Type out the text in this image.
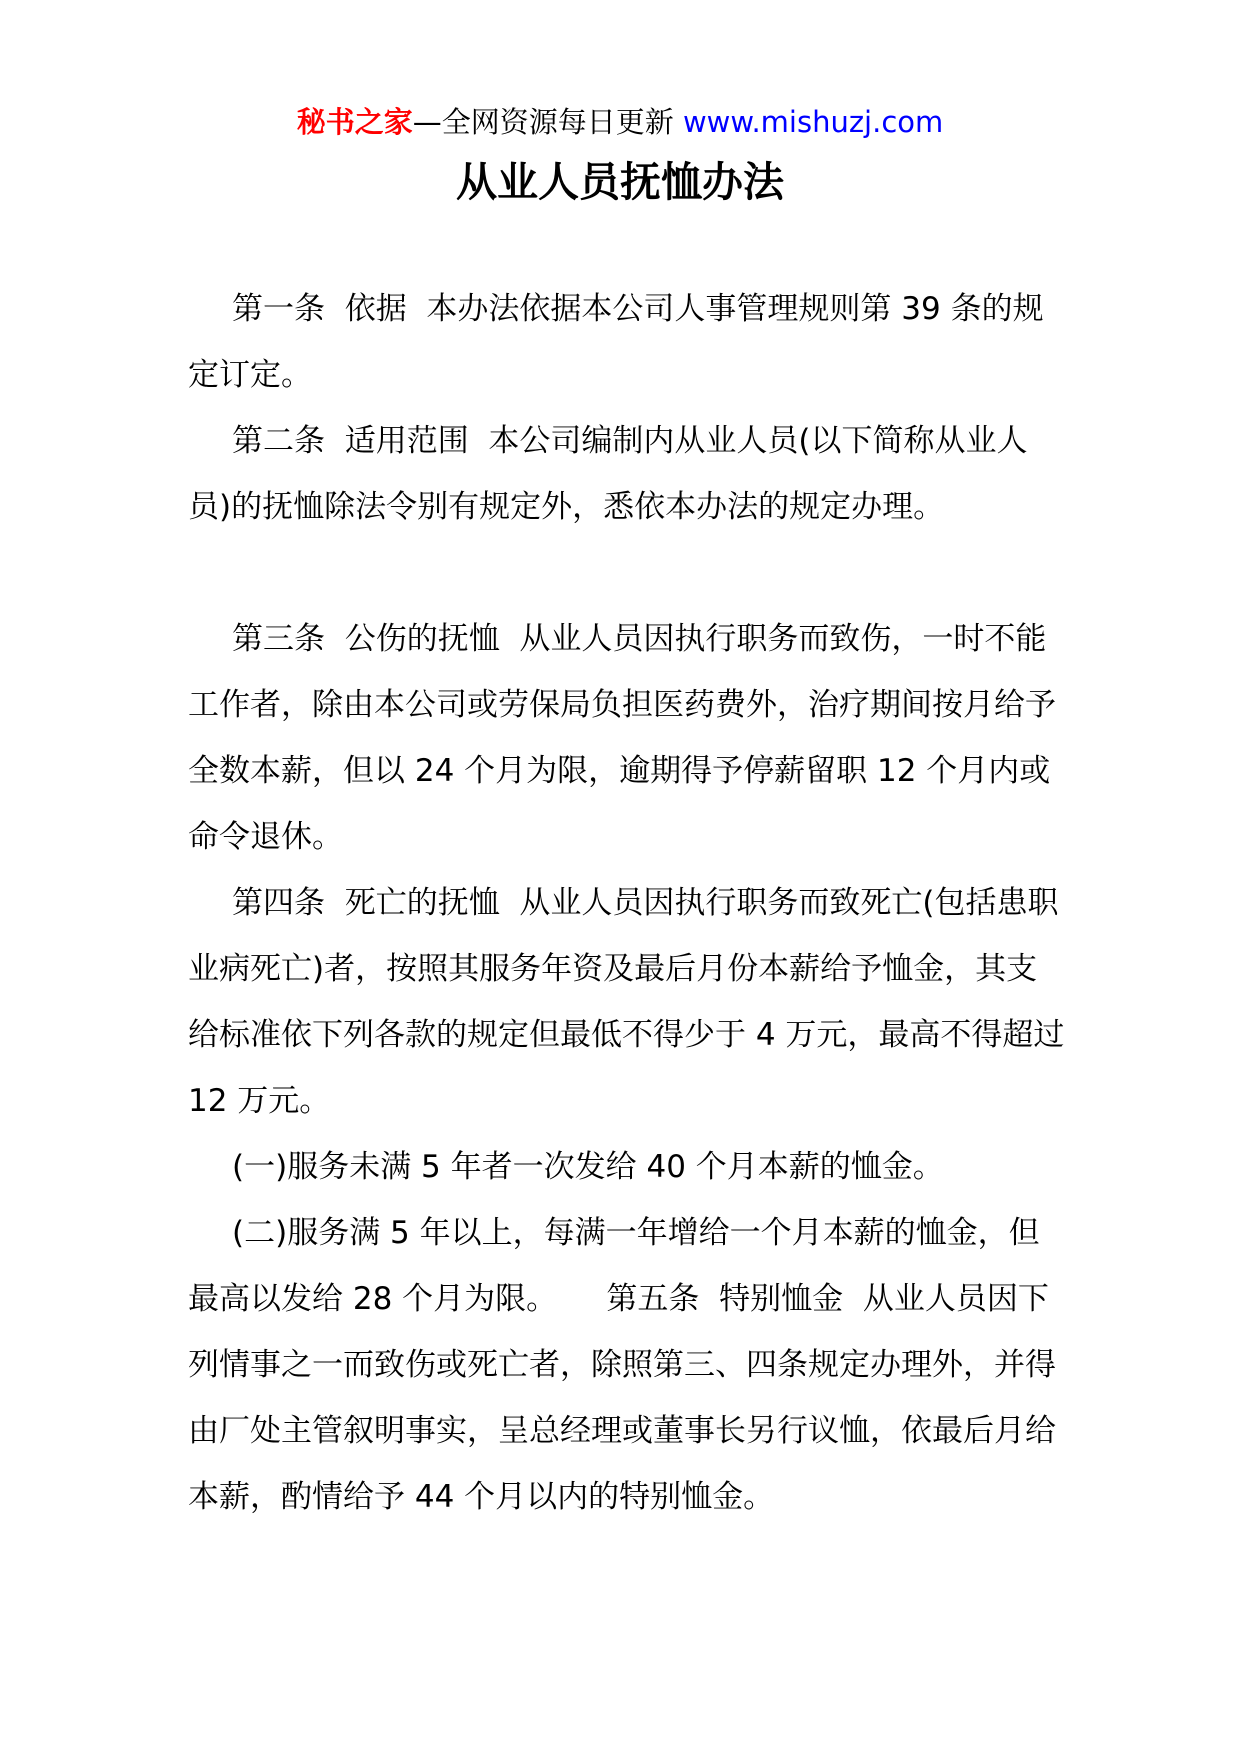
秘书之家—全网资源每日更新 www.mishuzj.com
从业人员抚恤办法

第一条  依据  本办法依据本公司人事管理规则第 39 条的规定订定。

第二条  适用范围  本公司编制内从业人员(以下简称从业人员)的抚恤除法令别有规定外，悉依本办法的规定办理。

第三条  公伤的抚恤  从业人员因执行职务而致伤，一时不能工作者，除由本公司或劳保局负担医药费外，治疗期间按月给予全数本薪，但以 24 个月为限，逾期得予停薪留职 12 个月内或命令退休。

第四条  死亡的抚恤  从业人员因执行职务而致死亡(包括患职业病死亡)者，按照其服务年资及最后月份本薪给予恤金，其支给标准依下列各款的规定但最低不得少于 4 万元，最高不得超过 12 万元。

(一)服务未满 5 年者一次发给 40 个月本薪的恤金。

(二)服务满 5 年以上，每满一年增给一个月本薪的恤金，但最高以发给 28 个月为限。     第五条  特别恤金  从业人员因下列情事之一而致伤或死亡者，除照第三、四条规定办理外，并得由厂处主管叙明事实，呈总经理或董事长另行议恤，依最后月给本薪，酌情给予 44 个月以内的特别恤金。
